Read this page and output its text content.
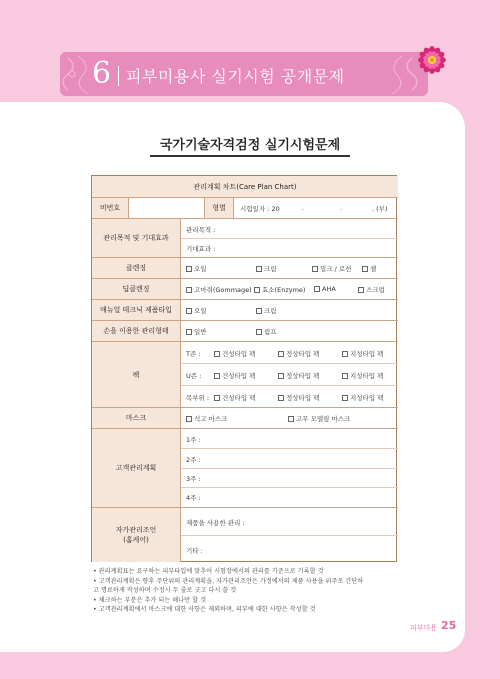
6 피부미용사 실기시험 공개문제
국가기술자격검정 실기시험문제
관리계획 차트(Care Plan Chart)
비번호	형별	시험일자 : 20	.	.	. (부)
관리목적 및 기대효과
관리목적 :
기대효과 :
클렌징	오일	크림	밀크 / 로션	젤
딥클렌징	고마쥐(Gommage)	효소(Enzyme)	AHA	스크럽
매뉴얼 테크닉 제품타입	오일	크림
손을 이용한 관리형태	일반	림프
팩
T존 :	건성타입 팩	정상타입 팩	지성타입 팩
U존 :	건성타입 팩	정상타입 팩	지성타입 팩
목부위 :	건성타입 팩	정상타입 팩	지성타입 팩
마스크	석고 마스크	고무 모델링 마스크
고객관리계획
1주 :
2주 :
3주 :
4주 :
자가관리조언
(홈케어)
제품을 사용한 관리 :
기타 :
• 관리계획표는 요구하는 피부타입에 맞추어 시험장에서의 관리를 기준으로 기록할 것
• 고객관리계획은 향후 주단위의 관리계획을, 자가관리조언은 가정에서의 제품 사용을 위주로 간단하
고 명료하게 작성하며 수정시 두 줄로 긋고 다시 쓸 것
• 체크하는 부분은 추가 되는 해나만 할 것
• 고객관리계획에서 마스크에 대한 사항은 제외하며, 피부에 대한 사항은 작성할 것
피부미용 25
